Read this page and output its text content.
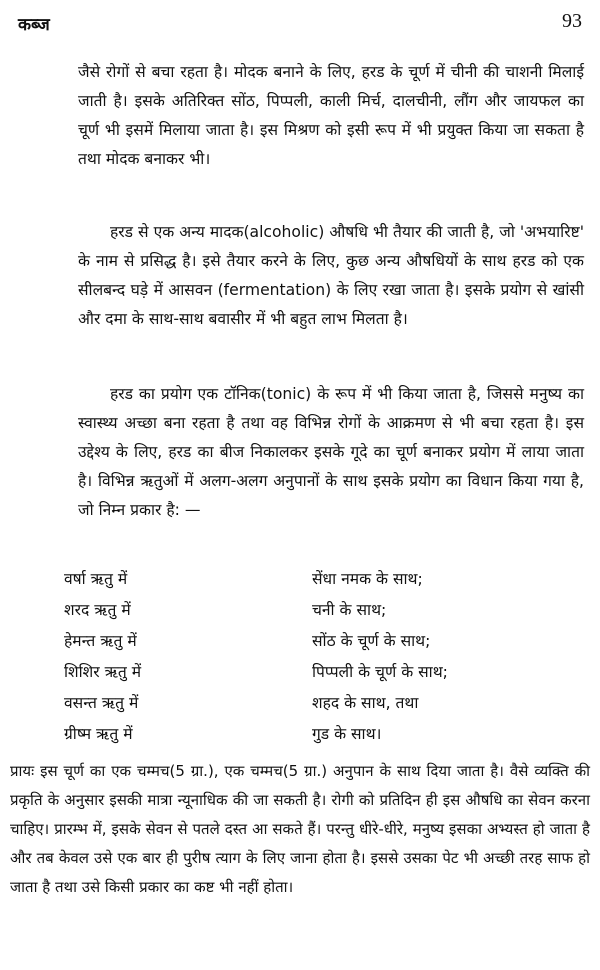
कब्ज	93

जैसे रोगों से बचा रहता है। मोदक बनाने के लिए, हरड के चूर्ण में चीनी की चाशनी मिलाई जाती है। इसके अतिरिक्त सोंठ, पिप्पली, काली मिर्च, दालचीनी, लौंग और जायफल का चूर्ण भी इसमें मिलाया जाता है। इस मिश्रण को इसी रूप में भी प्रयुक्त किया जा सकता है तथा मोदक बनाकर भी।

हरड से एक अन्य मादक(alcoholic) औषधि भी तैयार की जाती है, जो 'अभयारिष्ट' के नाम से प्रसिद्ध है। इसे तैयार करने के लिए, कुछ अन्य औषधियों के साथ हरड को एक सीलबन्द घड़े में आसवन (fermentation) के लिए रखा जाता है। इसके प्रयोग से खांसी और दमा के साथ-साथ बवासीर में भी बहुत लाभ मिलता है।

हरड का प्रयोग एक टॉनिक(tonic) के रूप में भी किया जाता है, जिससे मनुष्य का स्वास्थ्य अच्छा बना रहता है तथा वह विभिन्न रोगों के आक्रमण से भी बचा रहता है। इस उद्देश्य के लिए, हरड का बीज निकालकर इसके गूदे का चूर्ण बनाकर प्रयोग में लाया जाता है। विभिन्न ऋतुओं में अलग-अलग अनुपानों के साथ इसके प्रयोग का विधान किया गया है, जो निम्न प्रकार है: —

वर्षा ऋतु में	सेंधा नमक के साथ;
शरद ऋतु में	चनी के साथ;
हेमन्त ऋतु में	सोंठ के चूर्ण के साथ;
शिशिर ऋतु में	पिप्पली के चूर्ण के साथ;
वसन्त ऋतु में	शहद के साथ, तथा
ग्रीष्म ऋतु में	गुड के साथ।

प्रायः इस चूर्ण का एक चम्मच(5 ग्रा.), एक चम्मच(5 ग्रा.) अनुपान के साथ दिया जाता है। वैसे व्यक्ति की प्रकृति के अनुसार इसकी मात्रा न्यूनाधिक की जा सकती है। रोगी को प्रतिदिन ही इस औषधि का सेवन करना चाहिए। प्रारम्भ में, इसके सेवन से पतले दस्त आ सकते हैं। परन्तु धीरे-धीरे, मनुष्य इसका अभ्यस्त हो जाता है और तब केवल उसे एक बार ही पुरीष त्याग के लिए जाना होता है। इससे उसका पेट भी अच्छी तरह साफ हो जाता है तथा उसे किसी प्रकार का कष्ट भी नहीं होता।
